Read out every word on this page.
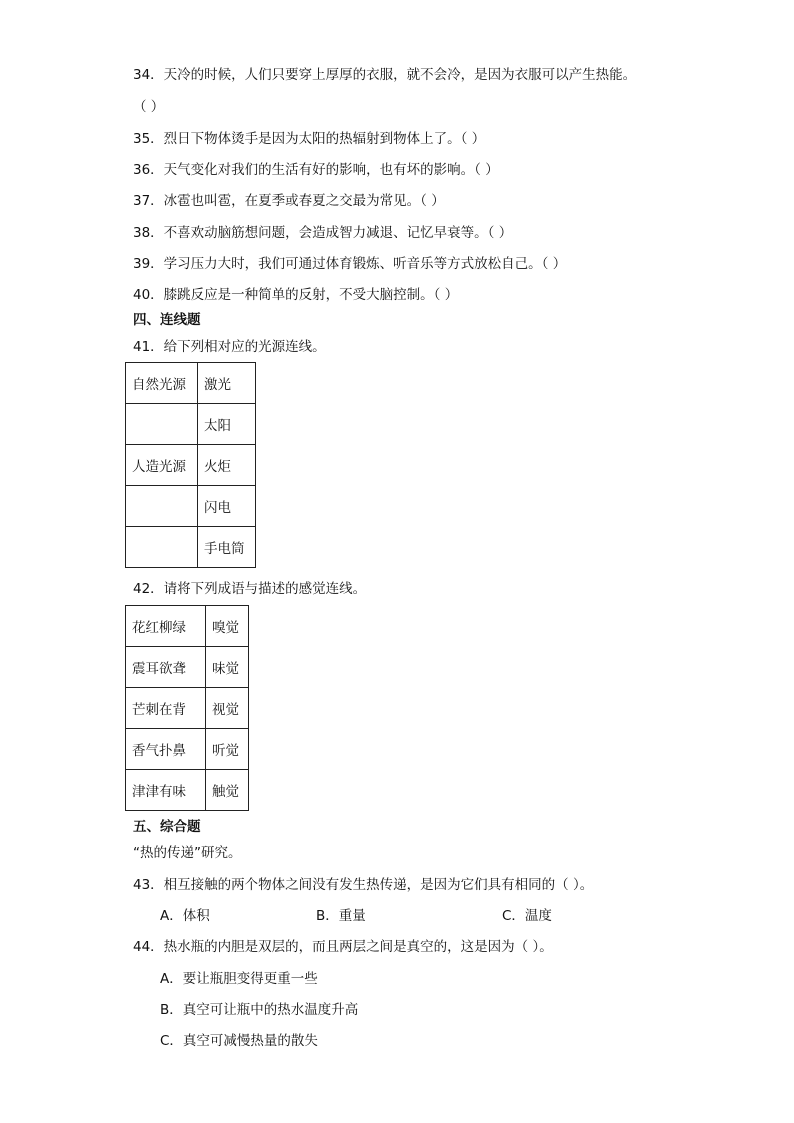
34．天冷的时候，人们只要穿上厚厚的衣服，就不会冷，是因为衣服可以产生热能。
（ ）
35．烈日下物体烫手是因为太阳的热辐射到物体上了。（ ）
36．天气变化对我们的生活有好的影响，也有坏的影响。（ ）
37．冰雹也叫雹，在夏季或春夏之交最为常见。（ ）
38．不喜欢动脑筋想问题，会造成智力减退、记忆早衰等。（ ）
39．学习压力大时，我们可通过体育锻炼、听音乐等方式放松自己。（ ）
40．膝跳反应是一种简单的反射，不受大脑控制。（ ）
四、连线题
41．给下列相对应的光源连线。
自然光源	激光
	太阳
人造光源	火炬
	闪电
	手电筒
42．请将下列成语与描述的感觉连线。
花红柳绿	嗅觉
震耳欲聋	味觉
芒刺在背	视觉
香气扑鼻	听觉
津津有味	触觉
五、综合题
“热的传递”研究。
43．相互接触的两个物体之间没有发生热传递，是因为它们具有相同的（ ）。
A．体积	B．重量	C．温度
44．热水瓶的内胆是双层的，而且两层之间是真空的，这是因为（ ）。
A．要让瓶胆变得更重一些
B．真空可让瓶中的热水温度升高
C．真空可减慢热量的散失
